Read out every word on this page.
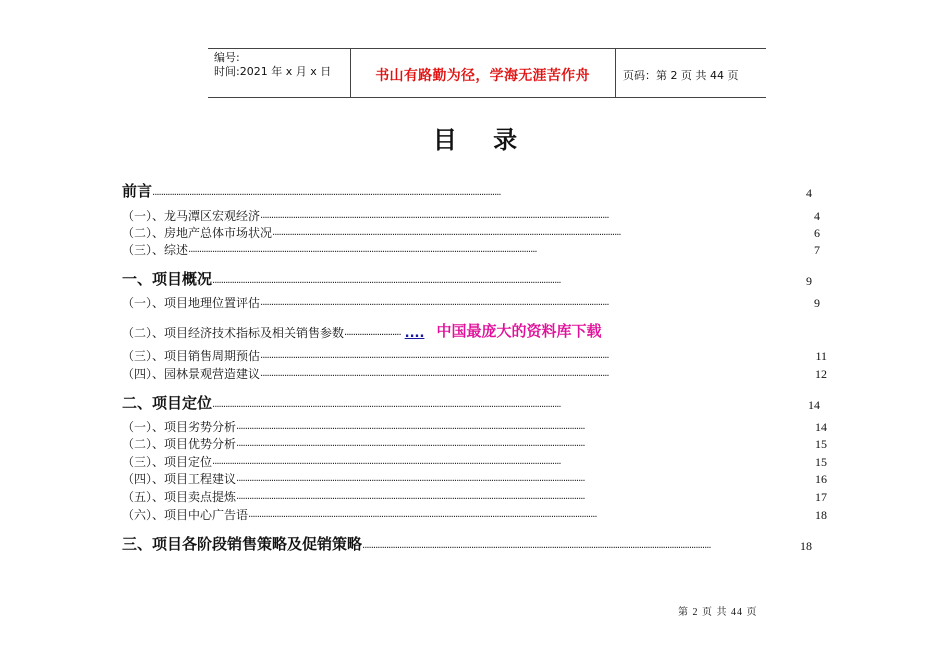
编号:
时间:2021 年 x 月 x 日	书山有路勤为径，学海无涯苦作舟	页码：第 2 页 共 44 页
目 录
前言 ································································································································································	4
（一）、龙马潭区宏观经济 ································································································································································	4
（二）、房地产总体市场状况 ································································································································································	6
（三）、综述 ································································································································································	7
一、项目概况 ································································································································································	9
（一）、项目地理位置评估 ································································································································································	9
（二）、项目经济技术指标及相关销售参数 ·························· .... 中国最庞大的资料库下载
（三）、项目销售周期预估 ································································································································································	11
（四）、园林景观营造建议 ································································································································································	12
二、项目定位 ································································································································································	14
（一）、项目劣势分析 ································································································································································	14
（二）、项目优势分析 ································································································································································	15
（三）、项目定位 ································································································································································	15
（四）、项目工程建议 ································································································································································	16
（五）、项目卖点提炼 ································································································································································	17
（六）、项目中心广告语 ································································································································································	18
三、项目各阶段销售策略及促销策略 ································································································································································	18
第 2 页 共 44 页
